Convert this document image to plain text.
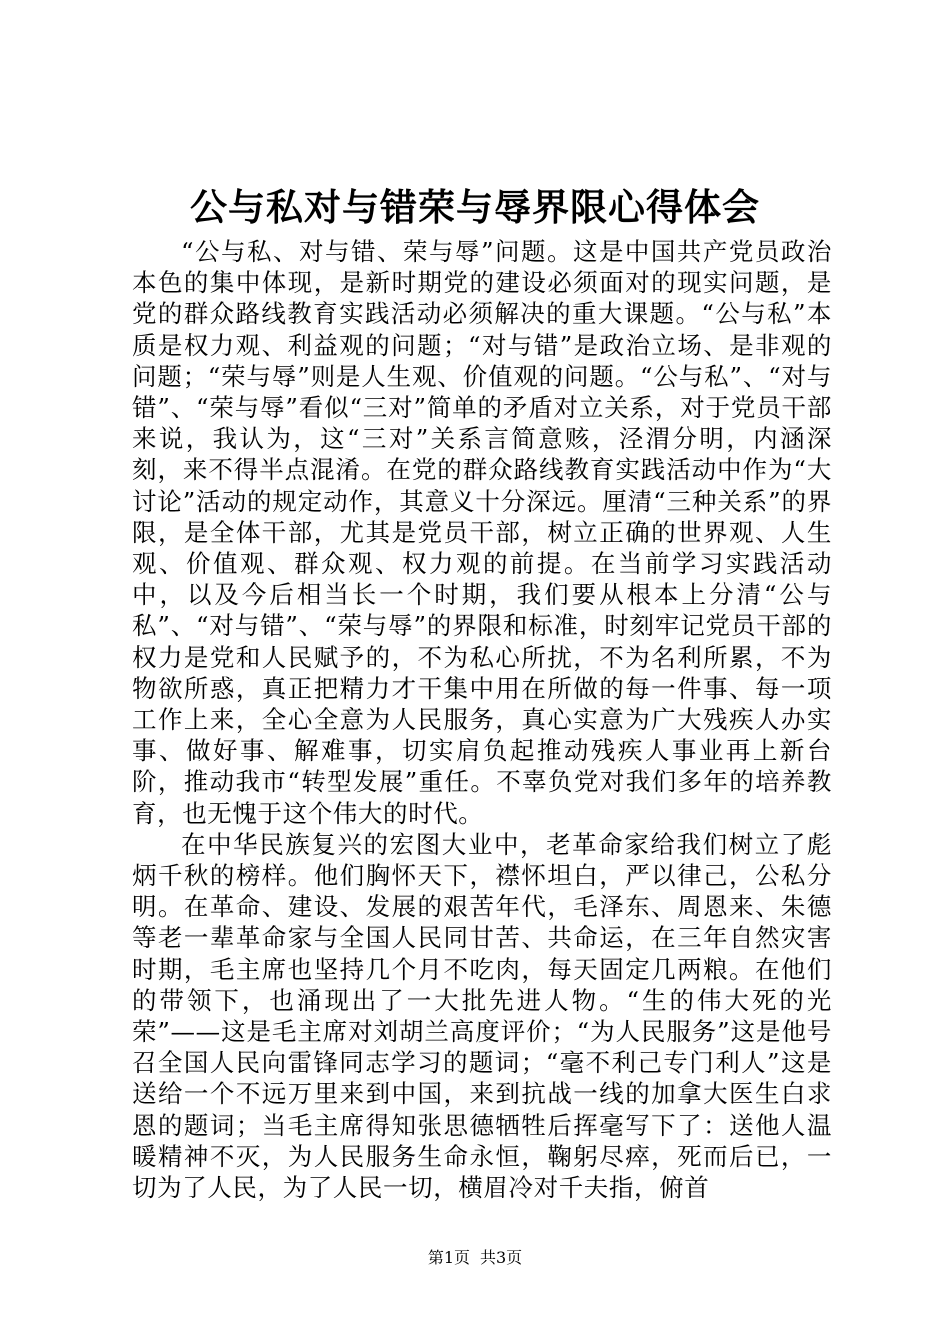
公与私对与错荣与辱界限心得体会

“公与私、对与错、荣与辱”问题。这是中国共产党员政治本色的集中体现，是新时期党的建设必须面对的现实问题，是党的群众路线教育实践活动必须解决的重大课题。“公与私”本质是权力观、利益观的问题；“对与错”是政治立场、是非观的问题；“荣与辱”则是人生观、价值观的问题。“公与私”、“对与错”、“荣与辱”看似“三对”简单的矛盾对立关系，对于党员干部来说，我认为，这“三对”关系言简意赅，泾渭分明，内涵深刻，来不得半点混淆。在党的群众路线教育实践活动中作为“大讨论”活动的规定动作，其意义十分深远。厘清“三种关系”的界限，是全体干部，尤其是党员干部，树立正确的世界观、人生观、价值观、群众观、权力观的前提。在当前学习实践活动中，以及今后相当长一个时期，我们要从根本上分清“公与私”、“对与错”、“荣与辱”的界限和标准，时刻牢记党员干部的权力是党和人民赋予的，不为私心所扰，不为名利所累，不为物欲所惑，真正把精力才干集中用在所做的每一件事、每一项工作上来，全心全意为人民服务，真心实意为广大残疾人办实事、做好事、解难事，切实肩负起推动残疾人事业再上新台阶，推动我市“转型发展”重任。不辜负党对我们多年的培养教育，也无愧于这个伟大的时代。

在中华民族复兴的宏图大业中，老革命家给我们树立了彪炳千秋的榜样。他们胸怀天下，襟怀坦白，严以律己，公私分明。在革命、建设、发展的艰苦年代，毛泽东、周恩来、朱德等老一辈革命家与全国人民同甘苦、共命运，在三年自然灾害时期，毛主席也坚持几个月不吃肉，每天固定几两粮。在他们的带领下，也涌现出了一大批先进人物。“生的伟大死的光荣”——这是毛主席对刘胡兰高度评价；“为人民服务”这是他号召全国人民向雷锋同志学习的题词；“毫不利己专门利人”这是送给一个不远万里来到中国，来到抗战一线的加拿大医生白求恩的题词；当毛主席得知张思德牺牲后挥毫写下了：送他人温暖精神不灭，为人民服务生命永恒，鞠躬尽瘁，死而后已，一切为了人民，为了人民一切，横眉冷对千夫指，俯首

第1页 共3页
